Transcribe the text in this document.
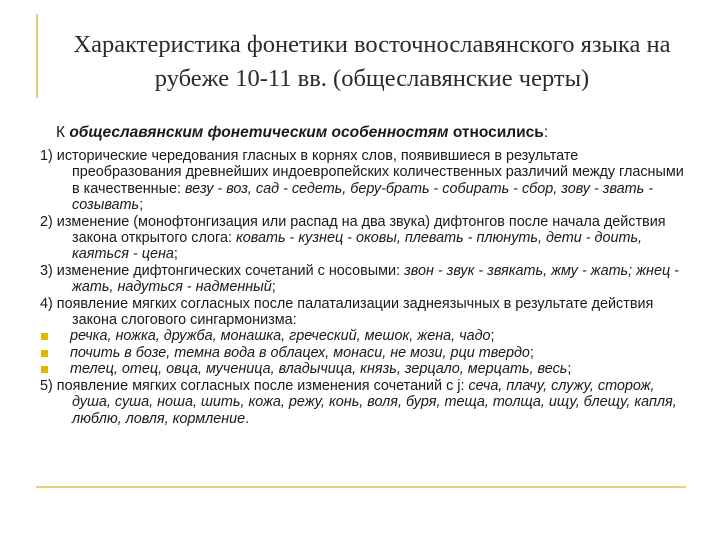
Характеристика фонетики восточнославянского языка на рубеже 10-11 вв. (общеславянские черты)

К общеславянским фонетическим особенностям относились:

1) исторические чередования гласных в корнях слов, появившиеся в результате преобразования древнейших индоевропейских количественных различий между гласными в качественные: везу - воз, сад - седеть, беру-брать - собирать - сбор, зову - звать - созывать;

2) изменение (монофтонгизация или распад на два звука) дифтонгов после начала действия закона открытого слога: ковать - кузнец - оковы, плевать - плюнуть, дети - доить, каяться - цена;

3) изменение дифтонгических сочетаний с носовыми: звон - звук - звякать, жму - жать; жнец - жать, надуться - надменный;

4) появление мягких согласных после палатализации заднеязычных в результате действия закона слогового сингармонизма:

речка, ножка, дружба, монашка, греческий, мешок, жена, чадо;

почить в бозе, темна вода в облацех, монаси, не мози, рци твердо;

телец, отец, овца, мученица, владычица, князь, зерцало, мерцать, весь;

5) появление мягких согласных после изменения сочетаний с j: сеча, плачу, служу, сторож, душа, суша, ноша, шить, кожа, режу, конь, воля, буря, теща, толща, ищу, блещу, капля, люблю, ловля, кормление.
